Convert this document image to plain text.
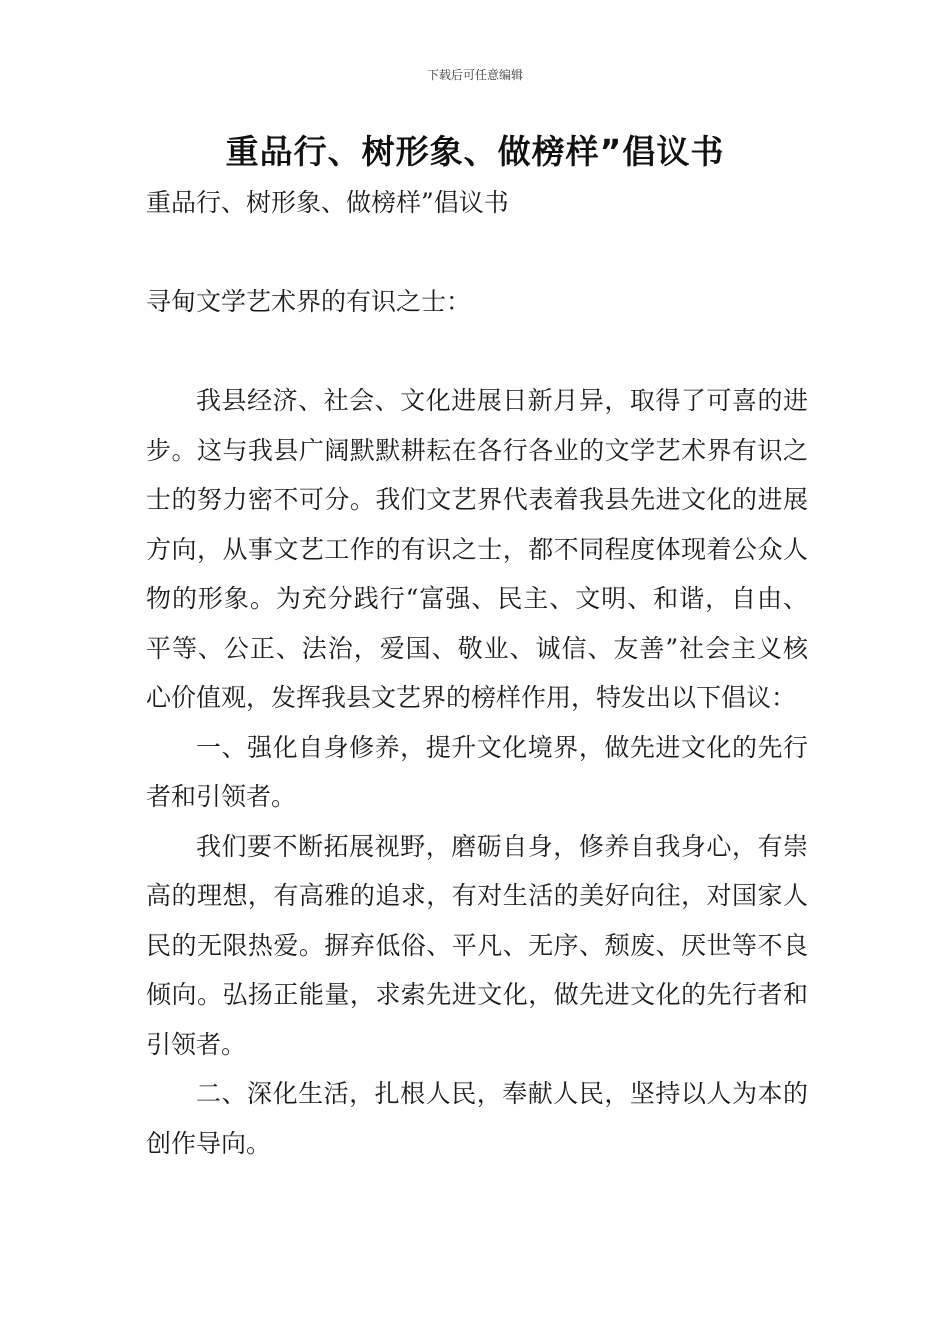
下载后可任意编辑
重品行、树形象、做榜样”倡议书

重品行、树形象、做榜样”倡议书

寻甸文学艺术界的有识之士：

我县经济、社会、文化进展日新月异，取得了可喜的进步。这与我县广阔默默耕耘在各行各业的文学艺术界有识之士的努力密不可分。我们文艺界代表着我县先进文化的进展方向，从事文艺工作的有识之士，都不同程度体现着公众人物的形象。为充分践行“富强、民主、文明、和谐，自由、平等、公正、法治，爱国、敬业、诚信、友善”社会主义核心价值观，发挥我县文艺界的榜样作用，特发出以下倡议：

一、强化自身修养，提升文化境界，做先进文化的先行者和引领者。

我们要不断拓展视野，磨砺自身，修养自我身心，有崇高的理想，有高雅的追求，有对生活的美好向往，对国家人民的无限热爱。摒弃低俗、平凡、无序、颓废、厌世等不良倾向。弘扬正能量，求索先进文化，做先进文化的先行者和引领者。

二、深化生活，扎根人民，奉献人民，坚持以人为本的创作导向。
